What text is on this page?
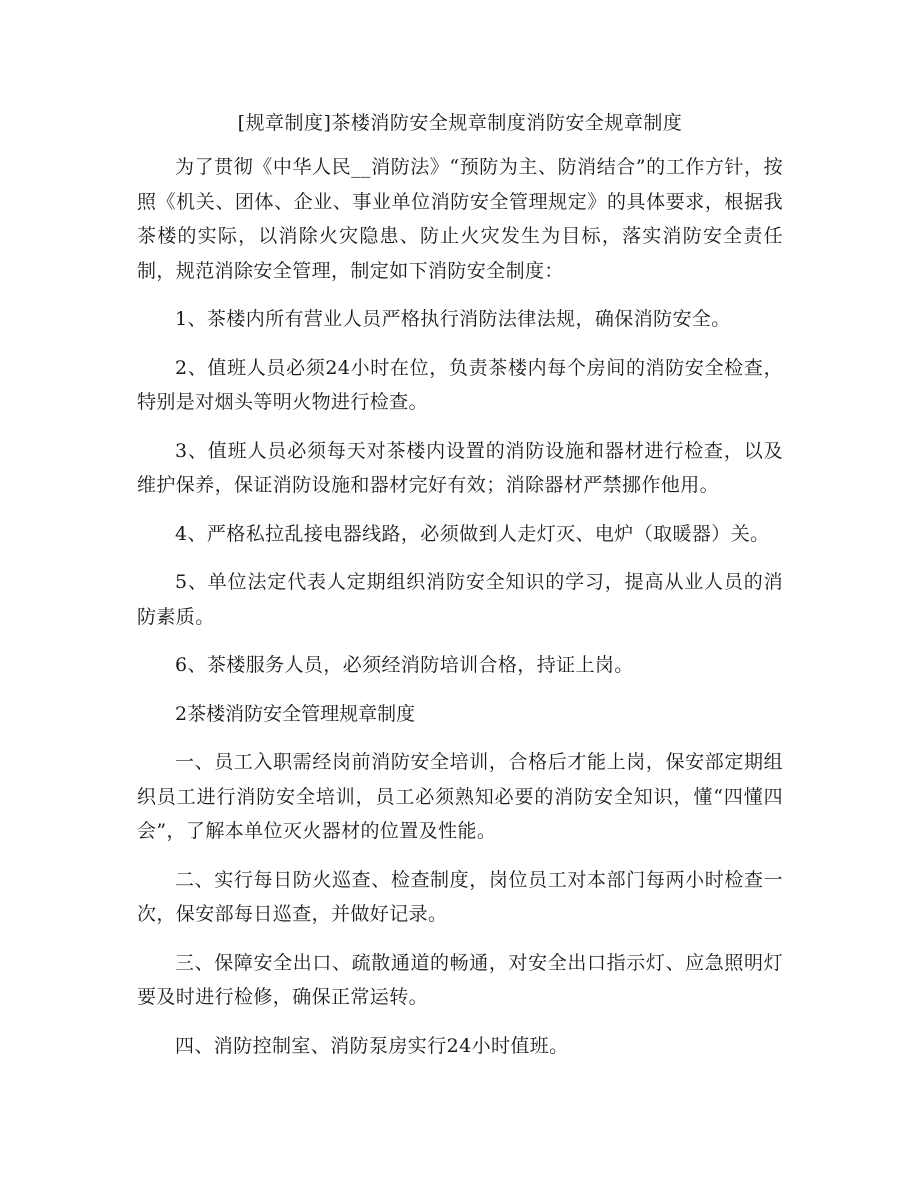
[规章制度]茶楼消防安全规章制度消防安全规章制度

为了贯彻《中华人民__消防法》“预防为主、防消结合”的工作方针，按照《机关、团体、企业、事业单位消防安全管理规定》的具体要求，根据我茶楼的实际，以消除火灾隐患、防止火灾发生为目标，落实消防安全责任制，规范消除安全管理，制定如下消防安全制度：

1、茶楼内所有营业人员严格执行消防法律法规，确保消防安全。

2、值班人员必须24小时在位，负责茶楼内每个房间的消防安全检查，特别是对烟头等明火物进行检查。

3、值班人员必须每天对茶楼内设置的消防设施和器材进行检查，以及维护保养，保证消防设施和器材完好有效；消除器材严禁挪作他用。

4、严格私拉乱接电器线路，必须做到人走灯灭、电炉（取暖器）关。

5、单位法定代表人定期组织消防安全知识的学习，提高从业人员的消防素质。

6、茶楼服务人员，必须经消防培训合格，持证上岗。

2茶楼消防安全管理规章制度

一、员工入职需经岗前消防安全培训，合格后才能上岗，保安部定期组织员工进行消防安全培训，员工必须熟知必要的消防安全知识，懂“四懂四会”，了解本单位灭火器材的位置及性能。

二、实行每日防火巡查、检查制度，岗位员工对本部门每两小时检查一次，保安部每日巡查，并做好记录。

三、保障安全出口、疏散通道的畅通，对安全出口指示灯、应急照明灯要及时进行检修，确保正常运转。

四、消防控制室、消防泵房实行24小时值班。
